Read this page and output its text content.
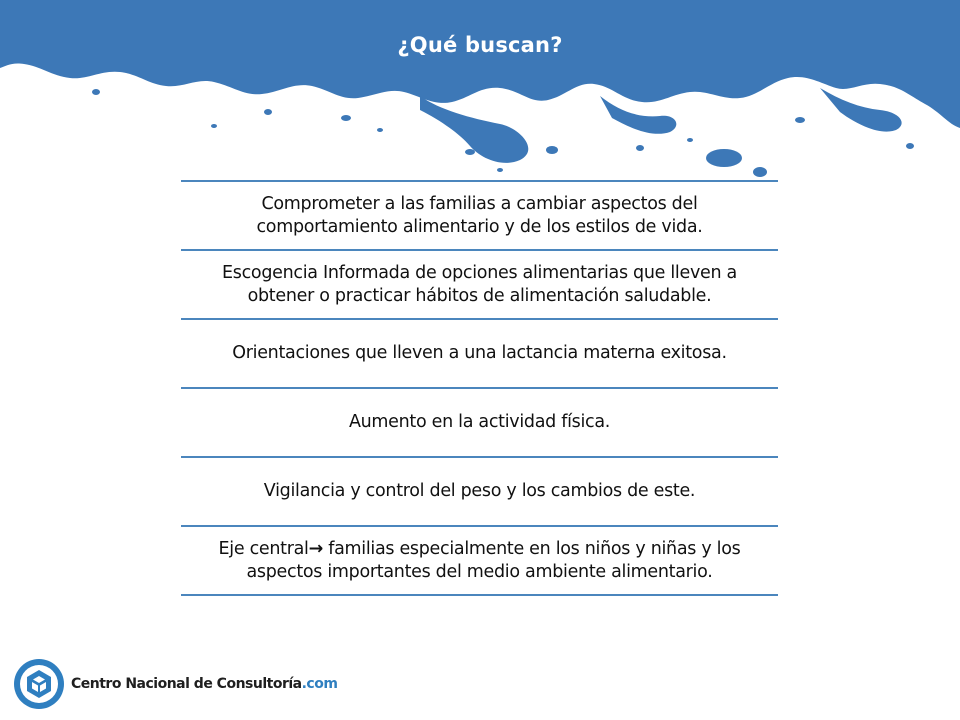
¿Qué buscan?
Comprometer a las familias a cambiar aspectos del
comportamiento alimentario y de los estilos de vida.
Escogencia Informada de opciones alimentarias que lleven a
obtener o practicar hábitos de alimentación saludable.
Orientaciones que lleven a una lactancia materna exitosa.
Aumento en la actividad física.
Vigilancia y control del peso y los cambios de este.
Eje central→ familias especialmente en los niños y niñas y los
aspectos importantes del medio ambiente alimentario.
Centro Nacional de Consultoría.com
